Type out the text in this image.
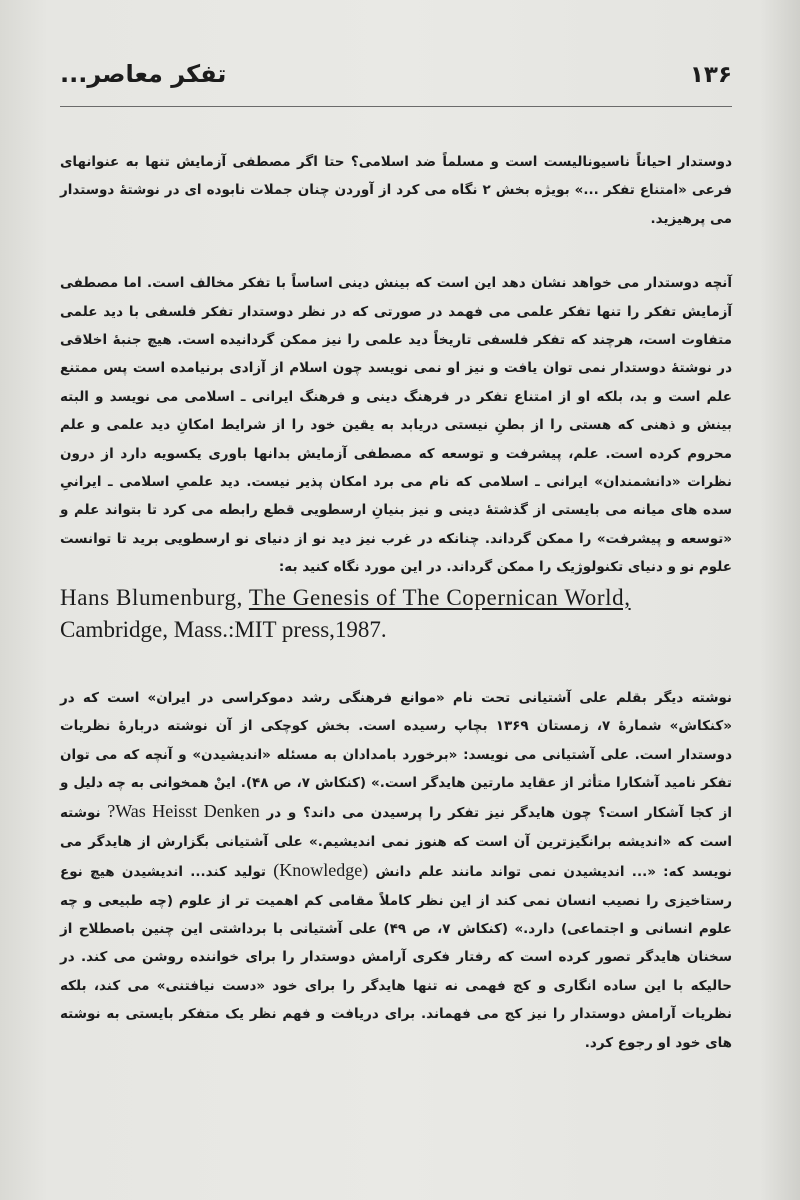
۱۳۶
تفکر معاصر...

دوستدار احیاناً ناسیونالیست است و مسلماً ضد اسلامی؟ حتا اگر مصطفی آزمایش تنها به عنوانهای فرعی «امتناع تفکر ...» بویژه بخش ۲ نگاه می کرد از آوردن چنان جملات نابوده ای در نوشتهٔ دوستدار می پرهیزید.

آنچه دوستدار می خواهد نشان دهد این است که بینش دینی اساساً با تفکر مخالف است. اما مصطفی آزمایش تفکر را تنها تفکر علمی می فهمد در صورتی که در نظر دوستدار تفکر فلسفی با دید علمی متفاوت است، هرچند که تفکر فلسفی تاریخاً دید علمی را نیز ممکن گردانیده است. هیچ جنبهٔ اخلاقی در نوشتهٔ دوستدار نمی توان یافت و نیز او نمی نویسد چون اسلام از آزادی برنیامده است پس ممتنع علم است و بد، بلکه او از امتناع تفکر در فرهنگ دینی و فرهنگ ایرانی ـ اسلامی می نویسد و البته بینش و ذهنی که هستی را از بطنِ نیستی دریابد به یقین خود را از شرایط امکانِ دید علمی و علم محروم کرده است. علم، پیشرفت و توسعه که مصطفی آزمایش بدانها باوری یکسویه دارد از درون نظرات «دانشمندان» ایرانی ـ اسلامی که نام می برد امکان پذیر نیست. دید علمیِ اسلامی ـ ایرانیِ سده های میانه می بایستی از گذشتهٔ دینی و نیز بنیانِ ارسطویی قطع رابطه می کرد تا بتواند علم و «توسعه و پیشرفت» را ممکن گرداند. چنانکه در غرب نیز دید نو از دنیای نو ارسطویی برید تا توانست علوم نو و دنیای تکنولوژیک را ممکن گرداند. در این مورد نگاه کنید به:

Hans Blumenburg, The Genesis of The Copernican World,
Cambridge, Mass.:MIT press,1987.

نوشته دیگر بقلم علی آشتیانی تحت نام «موانع فرهنگی رشد دموکراسی در ایران» است که در «کنکاش» شمارهٔ ۷، زمستان ۱۳۶۹ بچاپ رسیده است. بخش کوچکی از آن نوشته دربارهٔ نظریات دوستدار است. علی آشتیانی می نویسد: «برخورد بامدادان به مسئله «اندیشیدن» و آنچه که می توان تفکر نامید آشکارا متأثر از عقاید مارتین هایدگر است.» (کنکاش ۷، ص ۴۸). اینْ همخوانی به چه دلیل و از کجا آشکار است؟ چون هایدگر نیز تفکر را پرسیدن می داند؟ و در Was Heisst Denken? نوشته است که «اندیشه برانگیزترین آن است که هنوز نمی اندیشیم.» علی آشتیانی بگزارش از هایدگر می نویسد که: «... اندیشیدن نمی تواند مانند علم دانش (Knowledge) تولید کند... اندیشیدن هیچ نوع رستاخیزی را نصیب انسان نمی کند از این نظر کاملاً مقامی کم اهمیت تر از علوم (چه طبیعی و چه علوم انسانی و اجتماعی) دارد.» (کنکاش ۷، ص ۴۹) علی آشتیانی با برداشتی این چنین باصطلاح از سخنان هایدگر تصور کرده است که رفتار فکری آرامش دوستدار را برای خواننده روشن می کند. در حالیکه با این ساده انگاری و کج فهمی نه تنها هایدگر را برای خود «دست نیافتنی» می کند، بلکه نظریات آرامش دوستدار را نیز کج می فهماند. برای دریافت و فهم نظر یک متفکر بایستی به نوشته های خود او رجوع کرد.
